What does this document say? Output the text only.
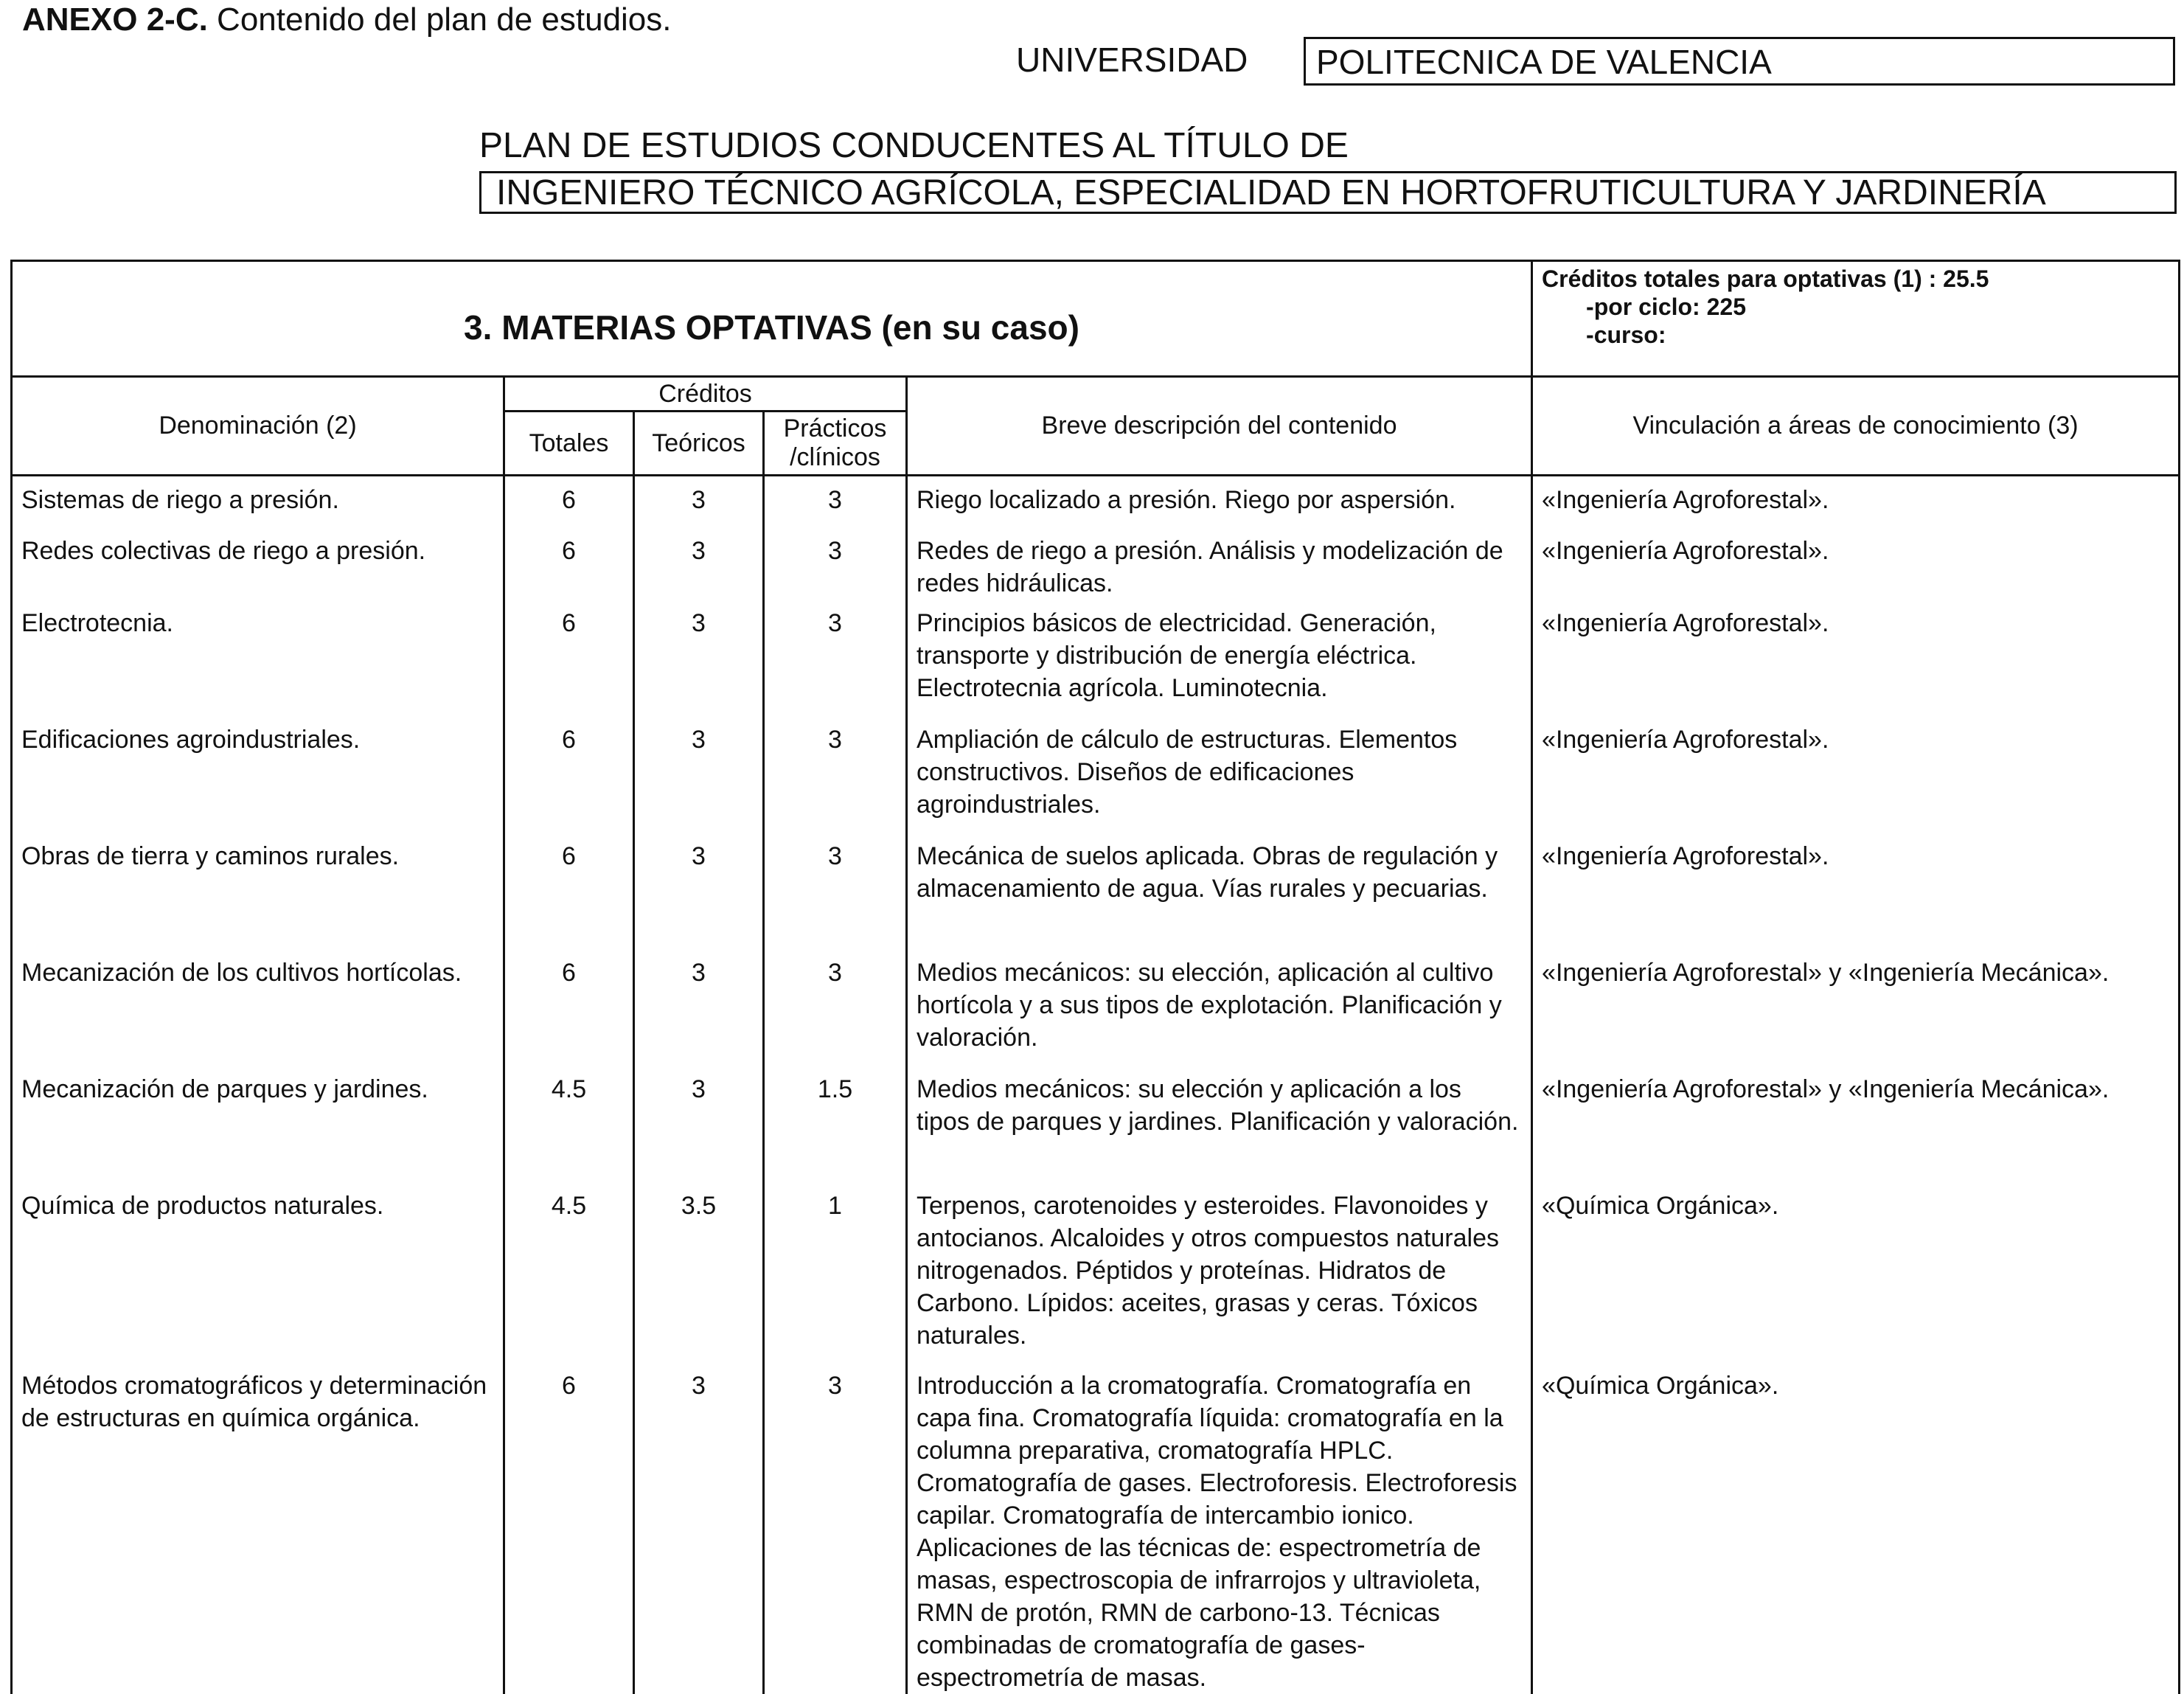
ANEXO 2-C. Contenido del plan de estudios.
UNIVERSIDAD	POLITECNICA DE VALENCIA
PLAN DE ESTUDIOS CONDUCENTES AL TÍTULO DE
INGENIERO TÉCNICO AGRÍCOLA, ESPECIALIDAD EN HORTOFRUTICULTURA Y JARDINERÍA
3. MATERIAS OPTATIVAS (en su caso)					Créditos totales para optativas (1) : 25.5
-por ciclo: 225
-curso:

Denominación (2)	Créditos			Breve descripción del contenido	Vinculación a áreas de conocimiento (3)
	Totales	Teóricos	Prácticos /clínicos		
Sistemas de riego a presión.	6	3	3	Riego localizado a presión. Riego por aspersión.	«Ingeniería Agroforestal».
Redes colectivas de riego a presión.	6	3	3	Redes de riego a presión. Análisis y modelización de redes hidráulicas.	«Ingeniería Agroforestal».
Electrotecnia.	6	3	3	Principios básicos de electricidad. Generación, transporte y distribución de energía eléctrica. Electrotecnia agrícola. Luminotecnia.	«Ingeniería Agroforestal».
Edificaciones agroindustriales.	6	3	3	Ampliación de cálculo de estructuras. Elementos constructivos. Diseños de edificaciones agroindustriales.	«Ingeniería Agroforestal».
Obras de tierra y caminos rurales.	6	3	3	Mecánica de suelos aplicada. Obras de regulación y almacenamiento de agua. Vías rurales y pecuarias.	«Ingeniería Agroforestal».
Mecanización de los cultivos hortícolas.	6	3	3	Medios mecánicos: su elección, aplicación al cultivo hortícola y a sus tipos de explotación. Planificación y valoración.	«Ingeniería Agroforestal» y «Ingeniería Mecánica».
Mecanización de parques y jardines.	4.5	3	1.5	Medios mecánicos: su elección y aplicación a los tipos de parques y jardines. Planificación y valoración.	«Ingeniería Agroforestal» y «Ingeniería Mecánica».
Química de productos naturales.	4.5	3.5	1	Terpenos, carotenoides y esteroides. Flavonoides y antocianos. Alcaloides y otros compuestos naturales nitrogenados. Péptidos y proteínas. Hidratos de Carbono. Lípidos: aceites, grasas y ceras. Tóxicos naturales.	«Química Orgánica».
Métodos cromatográficos y determinación de estructuras en química orgánica.	6	3	3	Introducción a la cromatografía. Cromatografía en capa fina. Cromatografía líquida: cromatografía en la columna preparativa, cromatografía HPLC. Cromatografía de gases. Electroforesis. Electroforesis capilar. Cromatografía de intercambio ionico. Aplicaciones de las técnicas de: espectrometría de masas, espectroscopia de infrarrojos y ultravioleta, RMN de protón, RMN de carbono-13. Técnicas combinadas de cromatografía de gases-espectrometría de masas.	«Química Orgánica».
